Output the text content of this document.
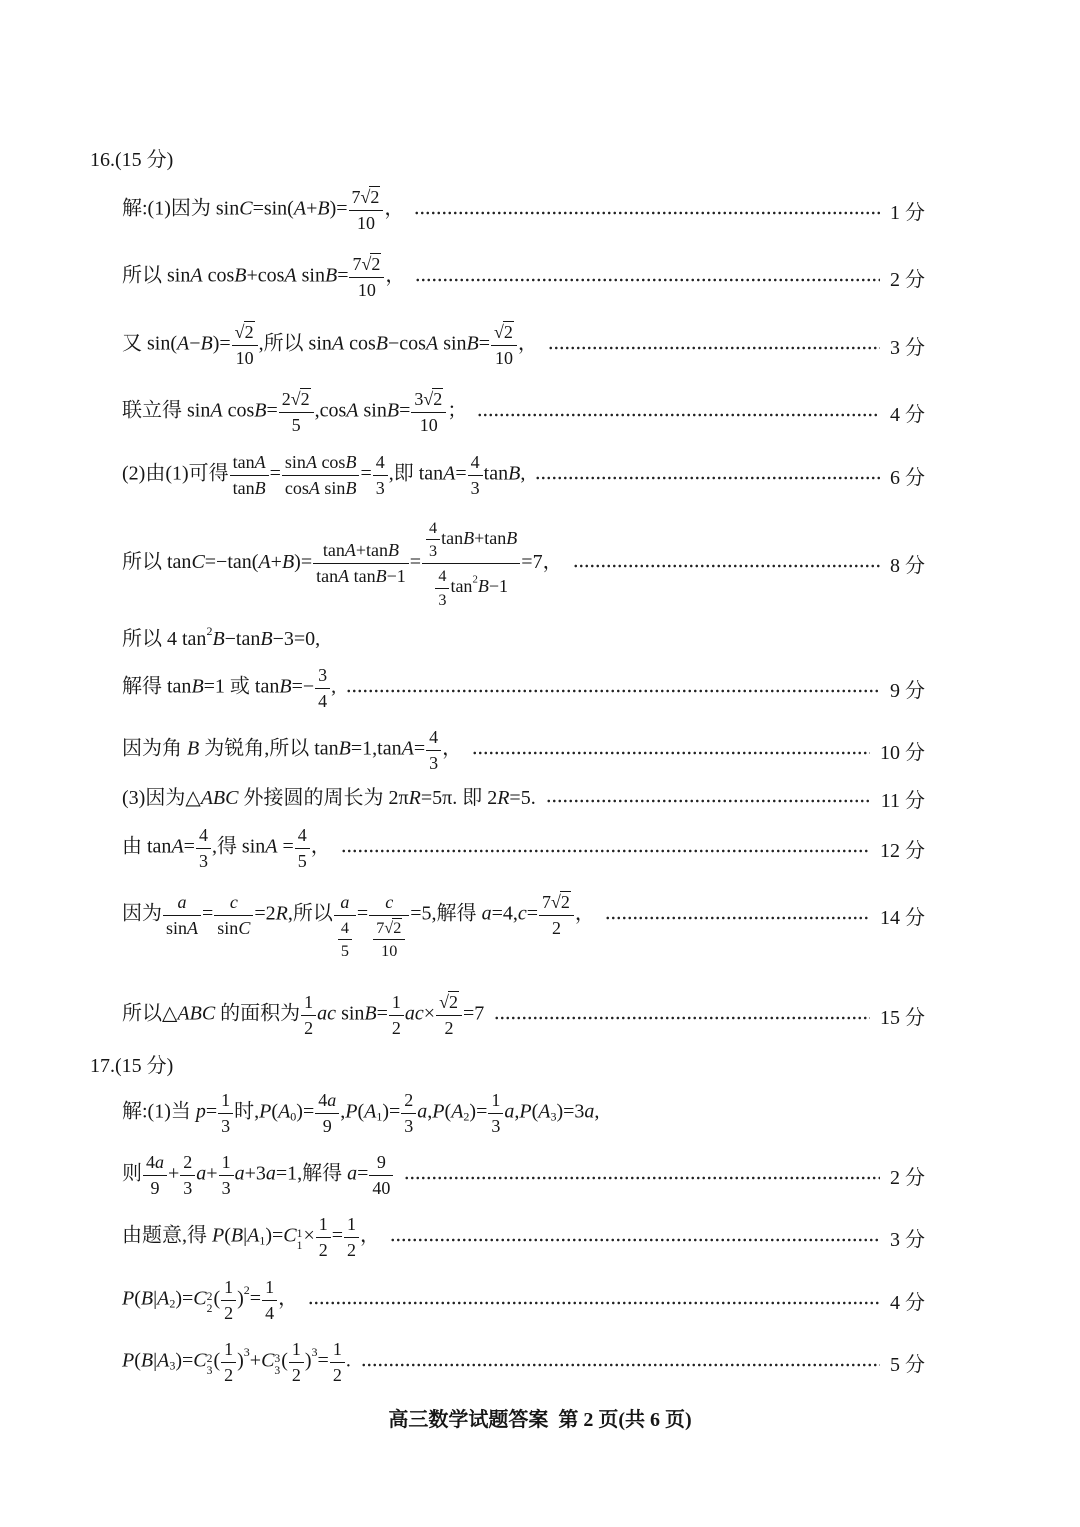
高三数学试题答案  第 2 页(共 6 页)
16.(15 分)
解:(1)因为 $\sin C=\sin(A+B)= \frac{7√2}{10}$ ，	1 分
所以 sinA cosB+cosA $\sin B= \frac{7√2}{10}$ ，	2 分
又 $\sin(A-B)= \frac{√2}{10}$ ,所以 sinA cosB−cosA $\sin B= \frac{√2}{10}$ ，	3 分
联立得 sinA $\cos B= \frac{2√2}{5} ,\cos A$ $\sin B= \frac{3√2}{10}$ ；	4 分
(2)由(1)可得 $\frac{\tan A}{\tan B} = \frac{\text{sinA cosB}}{\text{cosA sinB}} = \frac{4}{3}$ ,即 $\tan A= \frac{4}{3} \tan B$,	6 分
所以 $\tan C=-\tan(A+B)= \frac{\tan A+\tan B}{\text{tanA tanB−1}} = \frac{\frac{4}{3} \tan B+\tan B}{\frac{4}{3} \tan^2B-1} =7$，	8 分
所以 4 $\tan^2B-\tan B-3=0$,
解得 tanB=1 或 $\tan B=- \frac{3}{4}$ ,	9 分
因为角 B 为锐角,所以 $\tan B=1,\tan A= \frac{4}{3}$ ，	10 分
(3)因为△ABC 外接圆的周长为 2πR=5π. 即 2R=5.	11 分
由 $\tan A= \frac{4}{3}$ ,得 $\sin A = \frac{4}{5}$ ，	12 分
因为 $\frac{a}{\sin A} = \frac{c}{\sin C} =2R$,所以 $\frac{a}{\frac{4}{5}} = \frac{c}{\frac{7√2}{10}} =5$,解得 $a=4,c= \frac{7√2}{2}$ ，	14 分
所以△ABC 的面积为 $\frac{1}{2}$ ac $\sin B= \frac{1}{2} ac\times \frac{√2}{2} =7$	15 分
17.(15 分)
解:(1)当 $p= \frac{1}{3}$ 时$,P(A_0)= \frac{4a}{9} ,P(A_1)= \frac{2}{3} a,P(A_2)= \frac{1}{3} a,P(A_3)=3a$,
则 $\frac{4a}{9} + \frac{2}{3} a+ \frac{1}{3} a+3a=1$,解得 $a= \frac{9}{40}$	2 分
由题意,得 $P(B|A_1)=C$ 1
$1 \times \frac{1}{2} = \frac{1}{2}$ ，	3 分
$P(B|A_2)=C$ 2
2 ( $\frac{1}{2} )^2= \frac{1}{4}$ ，	4 分
$P(B|A_3)=C$ 2
3 ( $\frac{1}{2} )^3+C$ 3
3 ( $\frac{1}{2} )^3= \frac{1}{2}$ .	5 分
